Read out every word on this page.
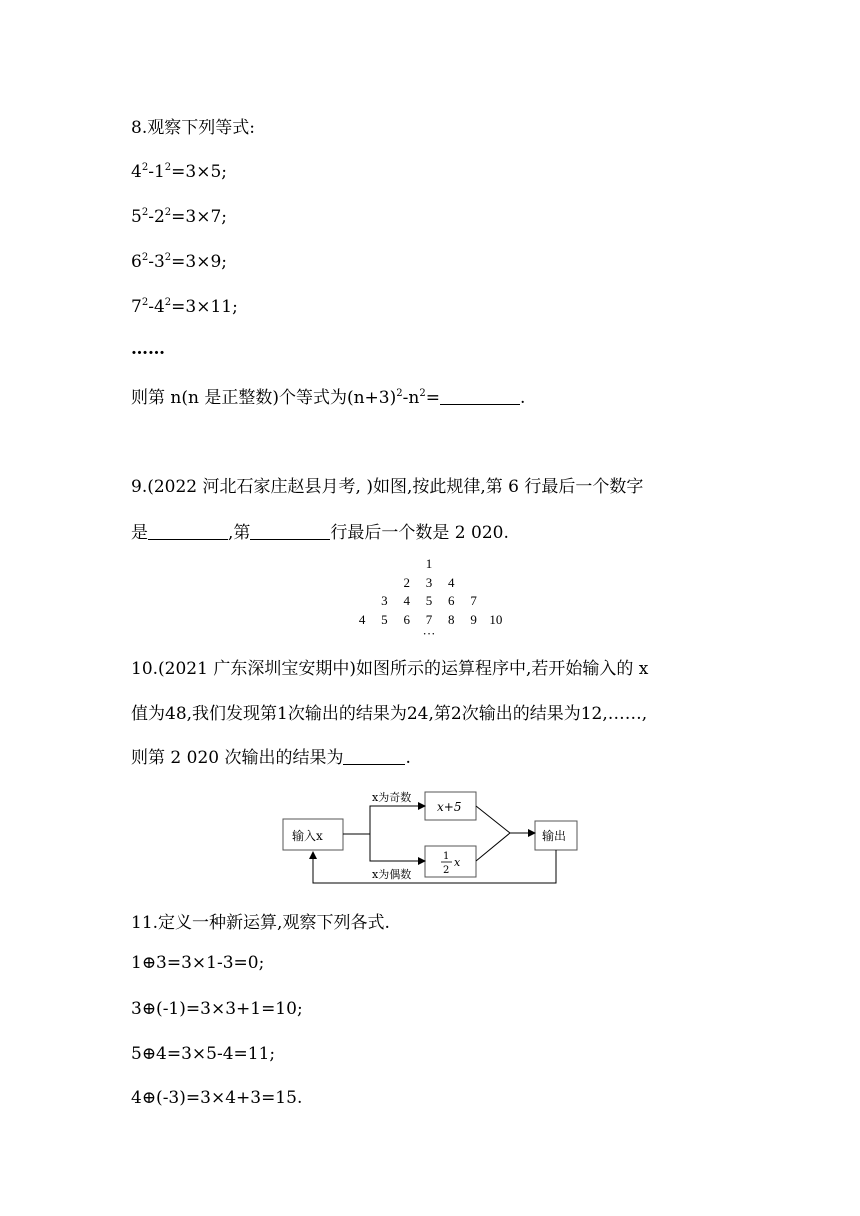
8.观察下列等式:
$4^2-1^2=3\times 5$;
$5^2-2^2=3\times 7$;
$6^2-3^2=3\times 9$;
$7^2-4^2=3\times 11$;
……
则第 n(n 是正整数)个等式为$(n+3)^2-n^2=$	.
9.(2022 河北石家庄赵县月考, )如图,按此规律,第 6 行最后一个数字
是	,第	行最后一个数是 2 020.
1
2 3 4
3 4 5 6 7
4 5 6 7 8 9 10
···
10.(2021 广东深圳宝安期中)如图所示的运算程序中,若开始输入的 x
值为48,我们发现第1次输出的结果为24,第2次输出的结果为12,……,
则第 2 020 次输出的结果为	.
输入x
x为奇数
x+5
x为偶数
1
2
x
输出
11.定义一种新运算,观察下列各式.
1⊕3=3×1-3=0;
3⊕(-1)=3×3+1=10;
5⊕4=3×5-4=11;
4⊕(-3)=3×4+3=15.
